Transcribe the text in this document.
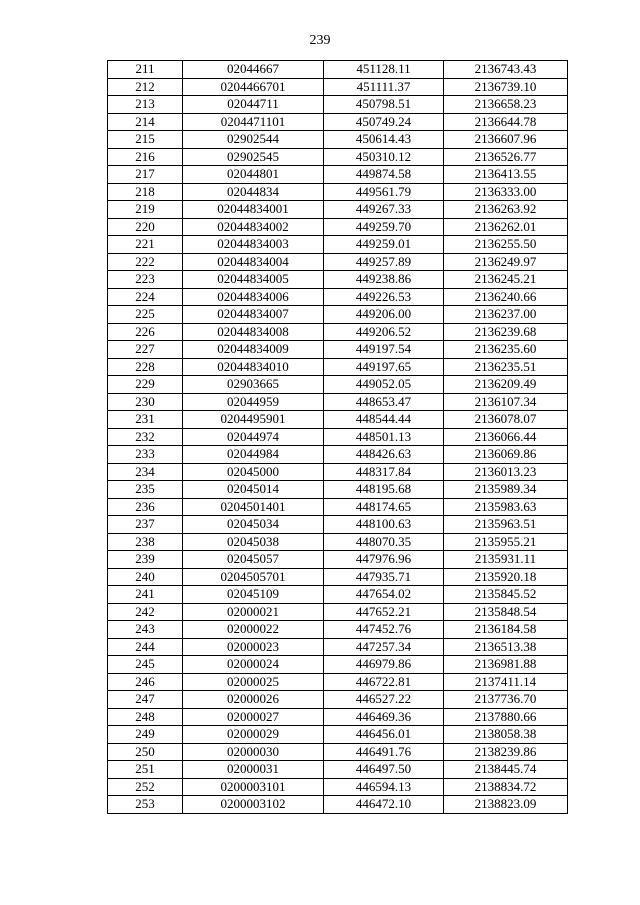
239
211	02044667	451128.11	2136743.43
212	0204466701	451111.37	2136739.10
213	02044711	450798.51	2136658.23
214	0204471101	450749.24	2136644.78
215	02902544	450614.43	2136607.96
216	02902545	450310.12	2136526.77
217	02044801	449874.58	2136413.55
218	02044834	449561.79	2136333.00
219	02044834001	449267.33	2136263.92
220	02044834002	449259.70	2136262.01
221	02044834003	449259.01	2136255.50
222	02044834004	449257.89	2136249.97
223	02044834005	449238.86	2136245.21
224	02044834006	449226.53	2136240.66
225	02044834007	449206.00	2136237.00
226	02044834008	449206.52	2136239.68
227	02044834009	449197.54	2136235.60
228	02044834010	449197.65	2136235.51
229	02903665	449052.05	2136209.49
230	02044959	448653.47	2136107.34
231	0204495901	448544.44	2136078.07
232	02044974	448501.13	2136066.44
233	02044984	448426.63	2136069.86
234	02045000	448317.84	2136013.23
235	02045014	448195.68	2135989.34
236	0204501401	448174.65	2135983.63
237	02045034	448100.63	2135963.51
238	02045038	448070.35	2135955.21
239	02045057	447976.96	2135931.11
240	0204505701	447935.71	2135920.18
241	02045109	447654.02	2135845.52
242	02000021	447652.21	2135848.54
243	02000022	447452.76	2136184.58
244	02000023	447257.34	2136513.38
245	02000024	446979.86	2136981.88
246	02000025	446722.81	2137411.14
247	02000026	446527.22	2137736.70
248	02000027	446469.36	2137880.66
249	02000029	446456.01	2138058.38
250	02000030	446491.76	2138239.86
251	02000031	446497.50	2138445.74
252	0200003101	446594.13	2138834.72
253	0200003102	446472.10	2138823.09
